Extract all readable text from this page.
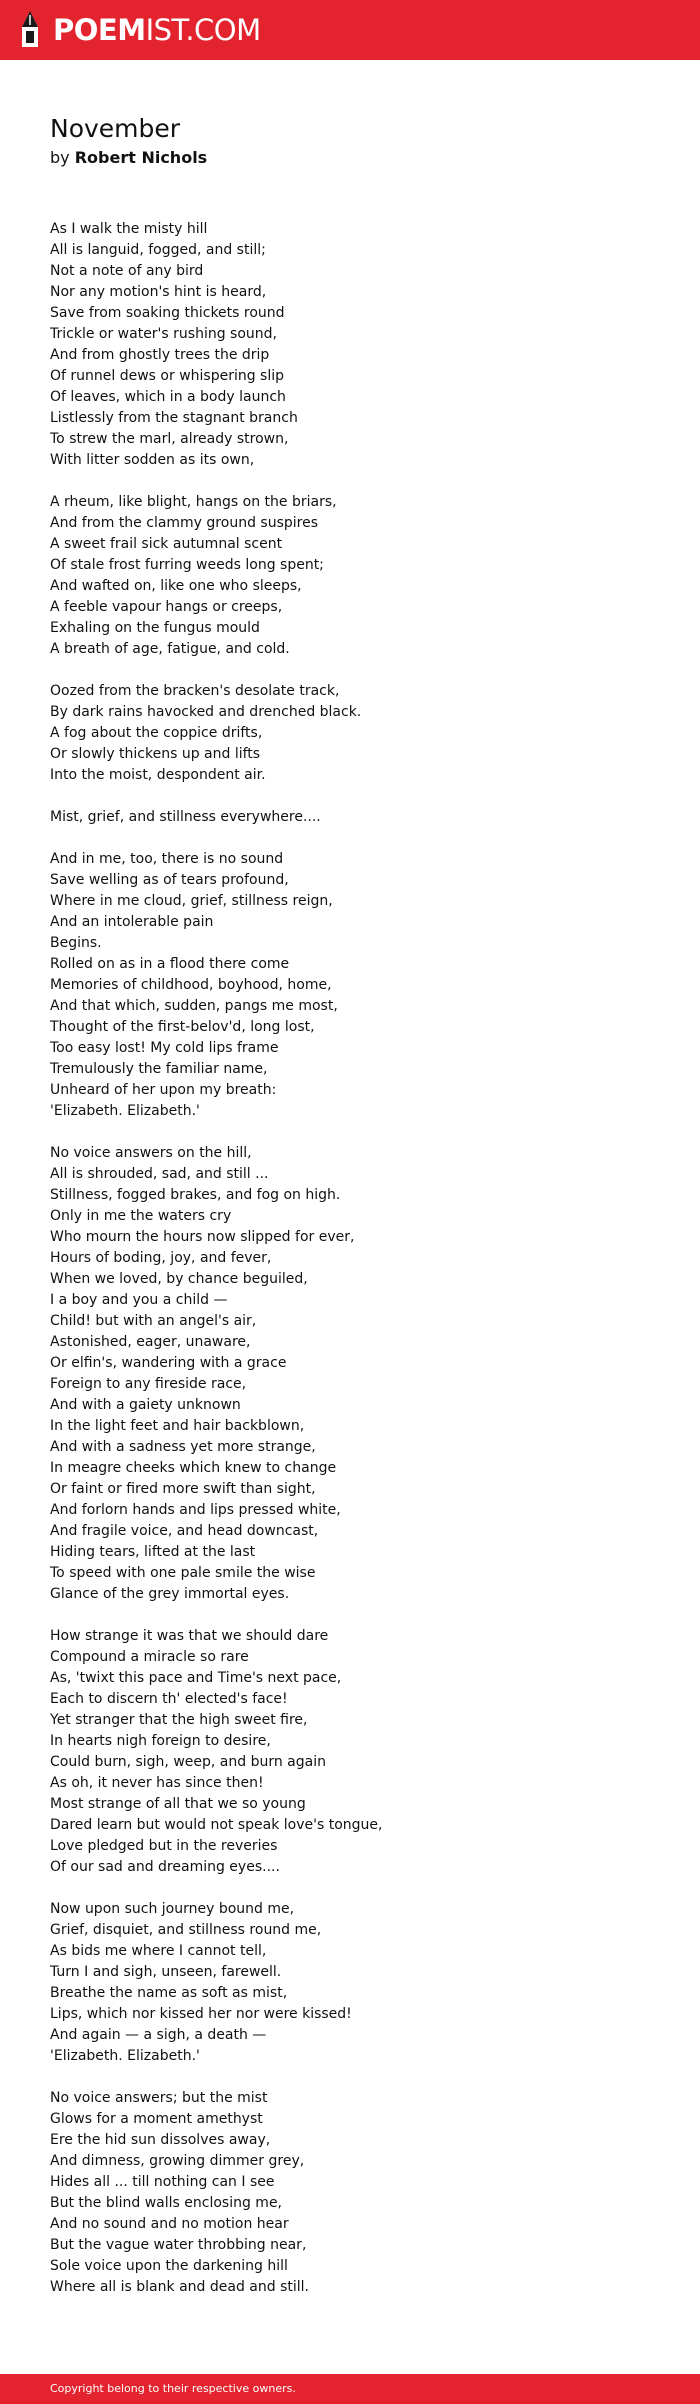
POEMIST.COM
November
by Robert Nichols
As I walk the misty hill
All is languid, fogged, and still;
Not a note of any bird
Nor any motion's hint is heard,
Save from soaking thickets round
Trickle or water's rushing sound,
And from ghostly trees the drip
Of runnel dews or whispering slip
Of leaves, which in a body launch
Listlessly from the stagnant branch
To strew the marl, already strown,
With litter sodden as its own,
A rheum, like blight, hangs on the briars,
And from the clammy ground suspires
A sweet frail sick autumnal scent
Of stale frost furring weeds long spent;
And wafted on, like one who sleeps,
A feeble vapour hangs or creeps,
Exhaling on the fungus mould
A breath of age, fatigue, and cold.
Oozed from the bracken's desolate track,
By dark rains havocked and drenched black.
A fog about the coppice drifts,
Or slowly thickens up and lifts
Into the moist, despondent air.
Mist, grief, and stillness everywhere....
And in me, too, there is no sound
Save welling as of tears profound,
Where in me cloud, grief, stillness reign,
And an intolerable pain
Begins.
Rolled on as in a flood there come
Memories of childhood, boyhood, home,
And that which, sudden, pangs me most,
Thought of the first-belov'd, long lost,
Too easy lost! My cold lips frame
Tremulously the familiar name,
Unheard of her upon my breath:
'Elizabeth. Elizabeth.'
No voice answers on the hill,
All is shrouded, sad, and still ...
Stillness, fogged brakes, and fog on high.
Only in me the waters cry
Who mourn the hours now slipped for ever,
Hours of boding, joy, and fever,
When we loved, by chance beguiled,
I a boy and you a child —
Child! but with an angel's air,
Astonished, eager, unaware,
Or elfin's, wandering with a grace
Foreign to any fireside race,
And with a gaiety unknown
In the light feet and hair backblown,
And with a sadness yet more strange,
In meagre cheeks which knew to change
Or faint or fired more swift than sight,
And forlorn hands and lips pressed white,
And fragile voice, and head downcast,
Hiding tears, lifted at the last
To speed with one pale smile the wise
Glance of the grey immortal eyes.
How strange it was that we should dare
Compound a miracle so rare
As, 'twixt this pace and Time's next pace,
Each to discern th' elected's face!
Yet stranger that the high sweet fire,
In hearts nigh foreign to desire,
Could burn, sigh, weep, and burn again
As oh, it never has since then!
Most strange of all that we so young
Dared learn but would not speak love's tongue,
Love pledged but in the reveries
Of our sad and dreaming eyes....
Now upon such journey bound me,
Grief, disquiet, and stillness round me,
As bids me where I cannot tell,
Turn I and sigh, unseen, farewell.
Breathe the name as soft as mist,
Lips, which nor kissed her nor were kissed!
And again — a sigh, a death —
'Elizabeth. Elizabeth.'
No voice answers; but the mist
Glows for a moment amethyst
Ere the hid sun dissolves away,
And dimness, growing dimmer grey,
Hides all ... till nothing can I see
But the blind walls enclosing me,
And no sound and no motion hear
But the vague water throbbing near,
Sole voice upon the darkening hill
Where all is blank and dead and still.
Copyright belong to their respective owners.
